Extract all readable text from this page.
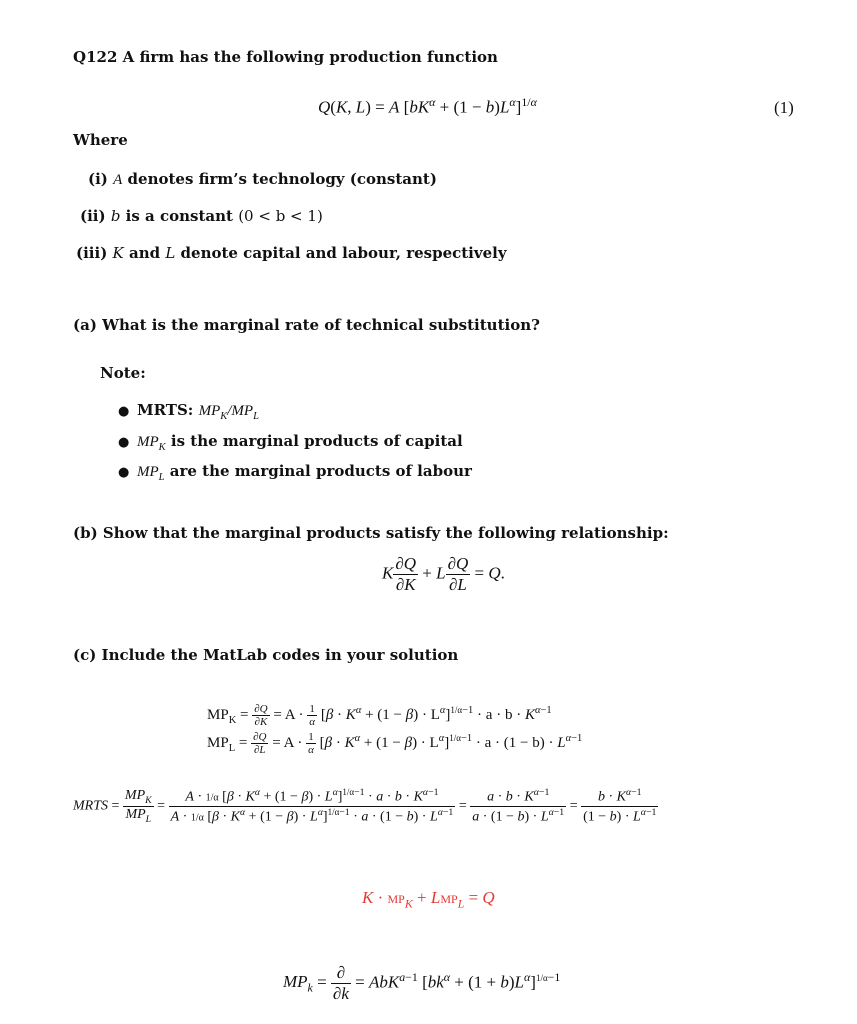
Q122 A firm has the following production function
Q(K, L) = A $[bK^\alpha + (1 - b)L^\alpha]^{1/\alpha}$	(1)
Where
(i) A denotes firm’s technology (constant)
(ii) b is a constant (0 < b < 1)
(iii) K and L denote capital and labour, respectively
(a) What is the marginal rate of technical substitution?
Note:
● MRTS: $MP_K/MP_L$
● $MP_K$ is the marginal products of capital
● $MP_L$ are the marginal products of labour
(b) Show that the marginal products satisfy the following relationship:
K $\frac{\partial Q}{\partial K} + L \frac{\partial Q}{\partial L} = Q$.
(c) Include the MatLab codes in your solution
$MP_K = \frac{\partial Q}{\partial K} = A \cdot \frac{1}{\alpha} [\beta \cdot K^\alpha + (1 - \beta) \cdot L^\alpha]^{1/\alpha-1} \cdot a \cdot b \cdot K^{\alpha-1}$
$MP_L = \frac{\partial Q}{\partial L} = A \cdot \frac{1}{\alpha} [\beta \cdot K^\alpha + (1 - \beta) \cdot L^\alpha]^{1/\alpha-1} \cdot a \cdot (1 - b) \cdot L^{\alpha-1}$
MRTS = $\frac{MP_K}{MP_L} = \frac{A \cdot 1/\alpha [\beta \cdot K^\alpha + (1 - \beta) \cdot L^\alpha]^{1/\alpha-1} \cdot a \cdot b \cdot K^{\alpha-1}}{A \cdot 1/\alpha [\beta \cdot K^\alpha + (1 - \beta) \cdot L^\alpha]^{1/\alpha-1} \cdot a \cdot (1 - b) \cdot L^{\alpha-1}} = \frac{a \cdot b \cdot K^{\alpha-1}}{a \cdot (1 - b) \cdot L^{\alpha-1}} = \frac{b \cdot K^{\alpha-1}}{(1 - b) \cdot L^{\alpha-1}}$
$K \cdot MP_K + LMP_L = Q$
$MP_k = \frac{\partial}{\partial k} = AbK^{a-1}$ $[bk^\alpha + (1 + b)L^\alpha]^{1/\alpha-1}$
